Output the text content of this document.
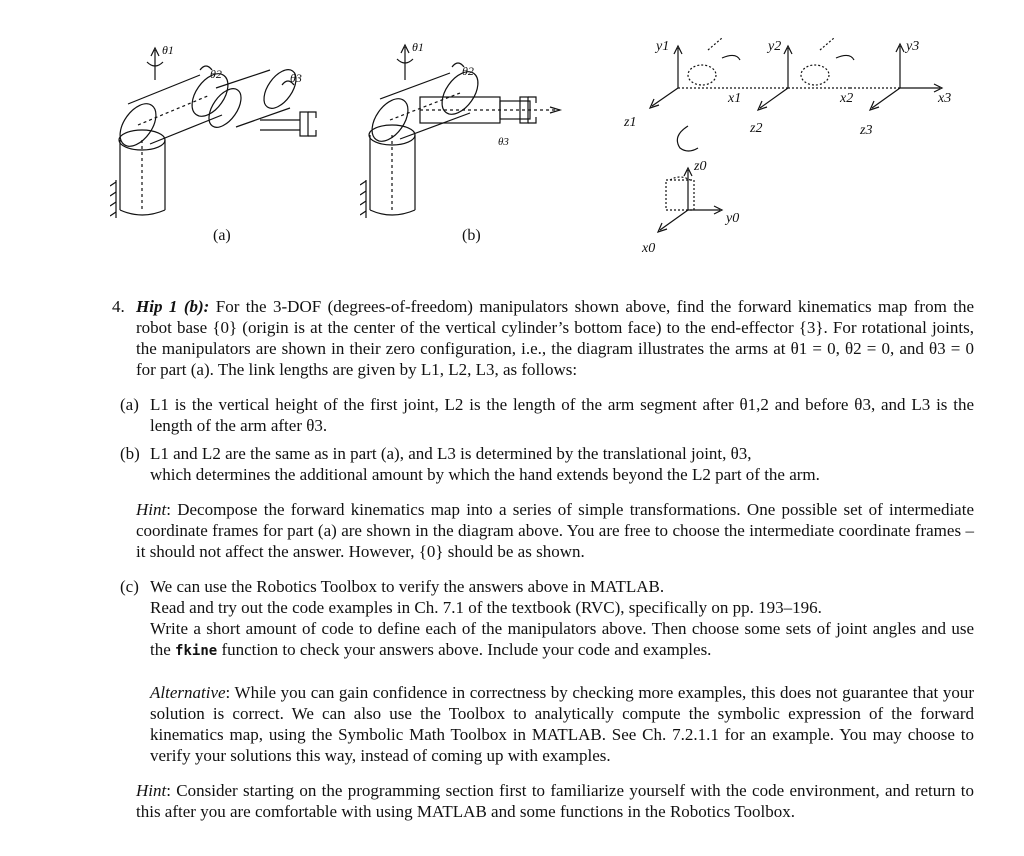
θ1
θ2	θ3
(a)
θ1
θ2
θ3
(b)
y1
x1
z1
y2
x2
z2
y3
x3
z3
z0
y0
x0

4. Hip 1 (b): For the 3-DOF (degrees-of-freedom) manipulators shown above, find the forward kinematics map from the robot base {0} (origin is at the center of the vertical cylinder’s bottom face) to the end-effector {3}. For rotational joints, the manipulators are shown in their zero configuration, i.e., the diagram illustrates the arms at θ1 = 0, θ2 = 0, and θ3 = 0 for part (a). The link lengths are given by L1, L2, L3, as follows:

(a) L1 is the vertical height of the first joint, L2 is the length of the arm segment after θ1,2 and before θ3, and L3 is the length of the arm after θ3.
(b) L1 and L2 are the same as in part (a), and L3 is determined by the translational joint, θ3,
which determines the additional amount by which the hand extends beyond the L2 part of the arm.

Hint: Decompose the forward kinematics map into a series of simple transformations. One possible set of intermediate coordinate frames for part (a) are shown in the diagram above. You are free to choose the intermediate coordinate frames – it should not affect the answer. However, {0} should be as shown.

(c) We can use the Robotics Toolbox to verify the answers above in MATLAB.
Read and try out the code examples in Ch. 7.1 of the textbook (RVC), specifically on pp. 193–196.
Write a short amount of code to define each of the manipulators above. Then choose some sets of joint angles and use the fkine function to check your answers above. Include your code and examples.

Alternative: While you can gain confidence in correctness by checking more examples, this does not guarantee that your solution is correct. We can also use the Toolbox to analytically compute the symbolic expression of the forward kinematics map, using the Symbolic Math Toolbox in MATLAB. See Ch. 7.2.1.1 for an example. You may choose to verify your solutions this way, instead of coming up with examples.

Hint: Consider starting on the programming section first to familiarize yourself with the code environment, and return to this after you are comfortable with using MATLAB and some functions in the Robotics Toolbox.
